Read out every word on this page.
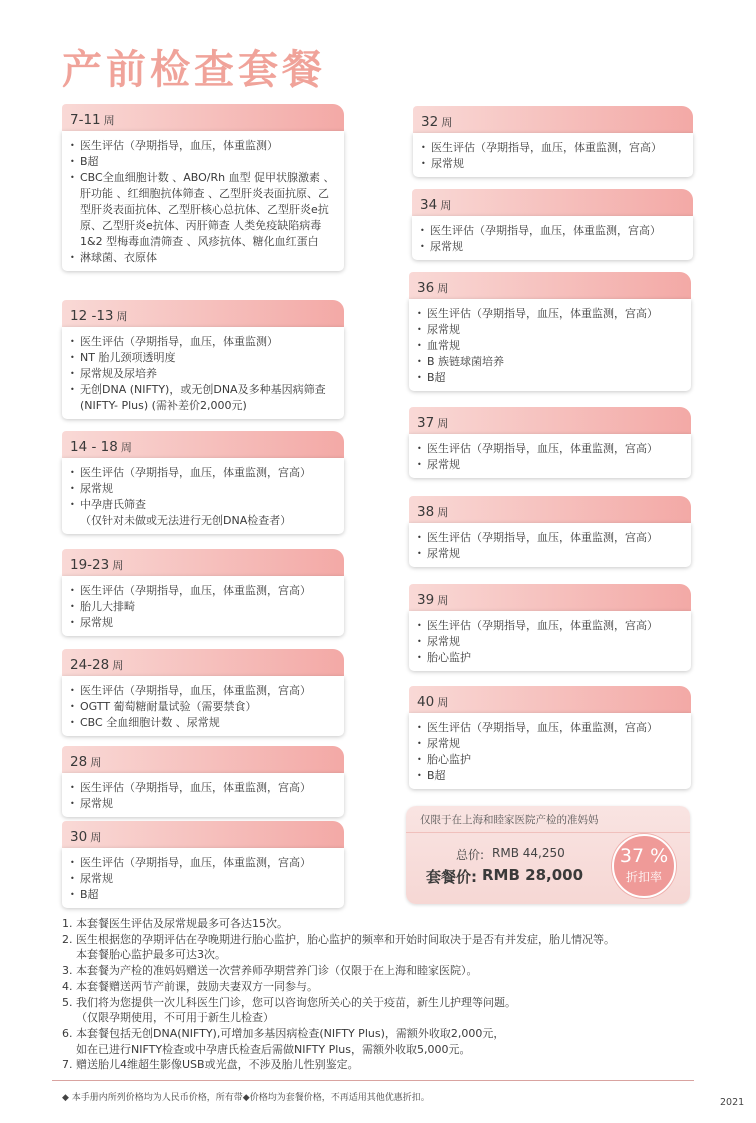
产前检查套餐
7-11 周
• 医生评估（孕期指导，血压，体重监测）
• B超
• CBC全血细胞计数 、ABO/Rh 血型 促甲状腺激素 、肝功能 、红细胞抗体筛查 、乙型肝炎表面抗原、乙型肝炎表面抗体、乙型肝核心总抗体、乙型肝炎e抗原、乙型肝炎e抗体、丙肝筛查 人类免疫缺陷病毒 1&2 型梅毒血清筛查 、风疹抗体、糖化血红蛋白
• 淋球菌、衣原体
12 -13 周
• 医生评估（孕期指导，血压，体重监测）
• NT 胎儿颈项透明度
• 尿常规及尿培养
• 无创DNA (NIFTY)，或无创DNA及多种基因病筛查(NIFTY- Plus) (需补差价2,000元)
14 - 18 周
• 医生评估（孕期指导，血压，体重监测，宫高）
• 尿常规
• 中孕唐氏筛查
（仅针对未做或无法进行无创DNA检查者）
19-23 周
• 医生评估（孕期指导，血压，体重监测，宫高）
• 胎儿大排畸
• 尿常规
24-28 周
• 医生评估（孕期指导，血压，体重监测，宫高）
• OGTT 葡萄糖耐量试验（需要禁食）
• CBC 全血细胞计数 、尿常规
28 周
• 医生评估（孕期指导，血压，体重监测，宫高）
• 尿常规
30 周
• 医生评估（孕期指导，血压，体重监测，宫高）
• 尿常规
• B超
32 周
• 医生评估（孕期指导，血压，体重监测，宫高）
• 尿常规
34 周
• 医生评估（孕期指导，血压，体重监测，宫高）
• 尿常规
36 周
• 医生评估（孕期指导，血压，体重监测，宫高）
• 尿常规
• 血常规
• B 族链球菌培养
• B超
37 周
• 医生评估（孕期指导，血压，体重监测，宫高）
• 尿常规
38 周
• 医生评估（孕期指导，血压，体重监测，宫高）
• 尿常规
39 周
• 医生评估（孕期指导，血压，体重监测，宫高）
• 尿常规
• 胎心监护
40 周
• 医生评估（孕期指导，血压，体重监测，宫高）
• 尿常规
• 胎心监护
• B超
仅限于在上海和睦家医院产检的准妈妈
总价: RMB 44,250
套餐价: RMB 28,000
37 %
折扣率
1. 本套餐医生评估及尿常规最多可各达15次。
2. 医生根据您的孕期评估在孕晚期进行胎心监护，胎心监护的频率和开始时间取决于是否有并发症，胎儿情况等。
本套餐胎心监护最多可达3次。
3. 本套餐为产检的准妈妈赠送一次营养师孕期营养门诊（仅限于在上海和睦家医院）。
4. 本套餐赠送两节产前课，鼓励夫妻双方一同参与。
5. 我们将为您提供一次儿科医生门诊，您可以咨询您所关心的关于疫苗，新生儿护理等问题。
（仅限孕期使用，不可用于新生儿检查）
6. 本套餐包括无创DNA(NIFTY),可增加多基因病检查(NIFTY Plus)，需额外收取2,000元，
如在已进行NIFTY检查或中孕唐氏检查后需做NIFTY Plus，需额外收取5,000元。
7. 赠送胎儿4维超生影像USB或光盘，不涉及胎儿性别鉴定。
◆ 本手册内所列价格均为人民币价格，所有带◆价格均为套餐价格，不再适用其他优惠折扣。	2021
